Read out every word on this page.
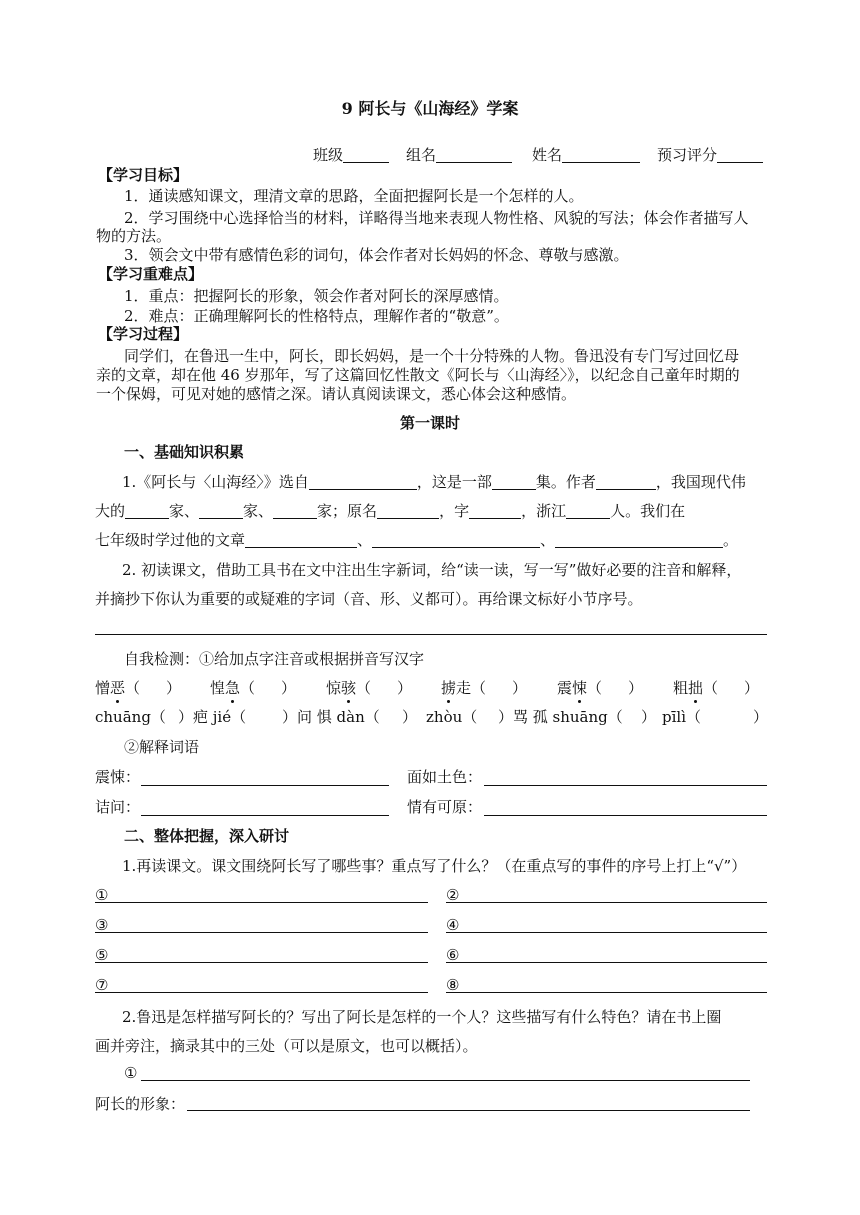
9 阿长与《山海经》学案
班级	组名	姓名	预习评分
【学习目标】
1．通读感知课文，理清文章的思路，全面把握阿长是一个怎样的人。
2．学习围绕中心选择恰当的材料，详略得当地来表现人物性格、风貌的写法；体会作者描写人
物的方法。
3．领会文中带有感情色彩的词句，体会作者对长妈妈的怀念、尊敬与感激。
【学习重难点】
1．重点：把握阿长的形象，领会作者对阿长的深厚感情。
2．难点：正确理解阿长的性格特点，理解作者的“敬意”。
【学习过程】
同学们，在鲁迅一生中，阿长，即长妈妈，是一个十分特殊的人物。鲁迅没有专门写过回忆母
亲的文章，却在他 46 岁那年，写了这篇回忆性散文《阿长与〈山海经〉》，以纪念自己童年时期的
一个保姆，可见对她的感情之深。请认真阅读课文，悉心体会这种感情。
第一课时
一、基础知识积累
1.《阿长与〈山海经〉》选自	，这是一部	集。作者	，我国现代伟
大的	家、	家、	家；原名	，字	，浙江	人。我们在
七年级时学过他的文章	、	、	。
2. 初读课文，借助工具书在文中注出生字新词，给“读一读，写一写”做好必要的注音和解释，
并摘抄下你认为重要的或疑难的字词（音、形、义都可）。再给课文标好小节序号。
自我检测：①给加点字注音或根据拼音写汉字
憎恶（ ） 惶急（ ） 惊骇（ ） 掳走（ ） 震悚（ ） 粗拙（ ）
chuāng（ ）疤 jié（ ）问 惧 dàn（ ） zhòu（ ）骂 孤 shuāng（ ） pīlì（	）
②解释词语
震悚：	面如土色：
诘问：	情有可原：
二、整体把握，深入研讨
1.再读课文。课文围绕阿长写了哪些事？重点写了什么？（在重点写的事件的序号上打上“√”）
①	②
③	④
⑤	⑥
⑦	⑧
2.鲁迅是怎样描写阿长的？写出了阿长是怎样的一个人？这些描写有什么特色？请在书上圈
画并旁注，摘录其中的三处（可以是原文，也可以概括）。
①
阿长的形象：
